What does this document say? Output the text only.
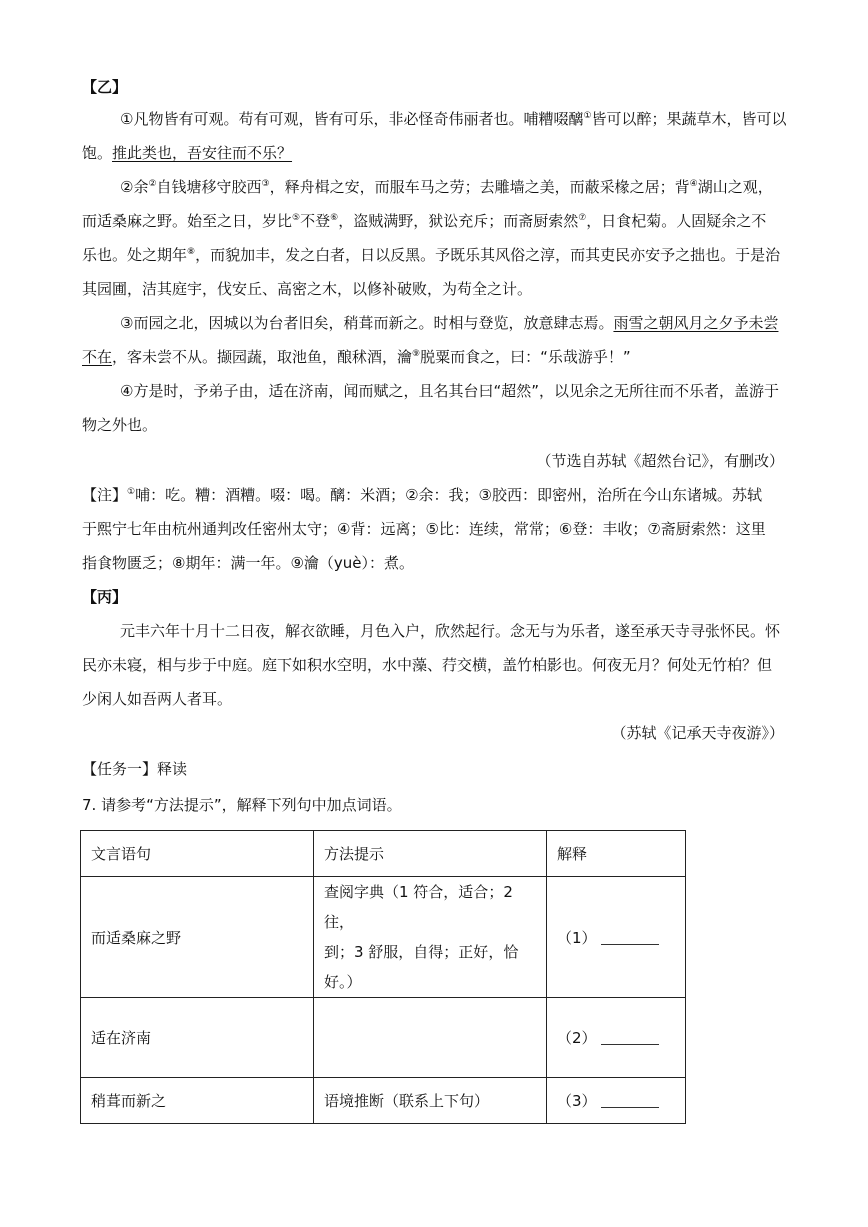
【乙】
①凡物皆有可观。苟有可观，皆有可乐，非必怪奇伟丽者也。哺糟啜醨①皆可以醉；果蔬草木，皆可以
饱。推此类也，吾安往而不乐？
②余②自钱塘移守胶西③，释舟楫之安，而服车马之劳；去雕墙之美，而蔽采椽之居；背④湖山之观，
而适桑麻之野。始至之日，岁比⑤不登⑥，盗贼满野，狱讼充斥；而斋厨索然⑦，日食杞菊。人固疑余之不
乐也。处之期年⑧，而貌加丰，发之白者，日以反黑。予既乐其风俗之淳，而其吏民亦安予之拙也。于是治
其园圃，洁其庭宇，伐安丘、高密之木，以修补破败，为苟全之计。
③而园之北，因城以为台者旧矣，稍葺而新之。时相与登览，放意肆志焉。雨雪之朝风月之夕予未尝
不在，客未尝不从。撷园蔬，取池鱼，酿秫酒，瀹⑨脱粟而食之，曰：“乐哉游乎！”
④方是时，予弟子由，适在济南，闻而赋之，且名其台曰“超然”，以见余之无所往而不乐者，盖游于
物之外也。
（节选自苏轼《超然台记》，有删改）
【注】①哺：吃。糟：酒糟。啜：喝。醨：米酒；②余：我；③胶西：即密州，治所在今山东诸城。苏轼
于熙宁七年由杭州通判改任密州太守；④背：远离；⑤比：连续，常常；⑥登：丰收；⑦斋厨索然：这里
指食物匮乏；⑧期年：满一年。⑨瀹（yuè）：煮。
【丙】
元丰六年十月十二日夜，解衣欲睡，月色入户，欣然起行。念无与为乐者，遂至承天寺寻张怀民。怀
民亦未寝，相与步于中庭。庭下如积水空明，水中藻、荇交横，盖竹柏影也。何夜无月？何处无竹柏？但
少闲人如吾两人者耳。
（苏轼《记承天寺夜游》）
【任务一】释读
7. 请参考“方法提示”，解释下列句中加点词语。
文言语句	方法提示	解释
而适桑麻之野	查阅字典（1 符合，适合；2 往，
到；3 舒服，自得；正好，恰
好。）	（1）
适在济南		（2）
稍葺而新之	语境推断（联系上下句）	（3）
